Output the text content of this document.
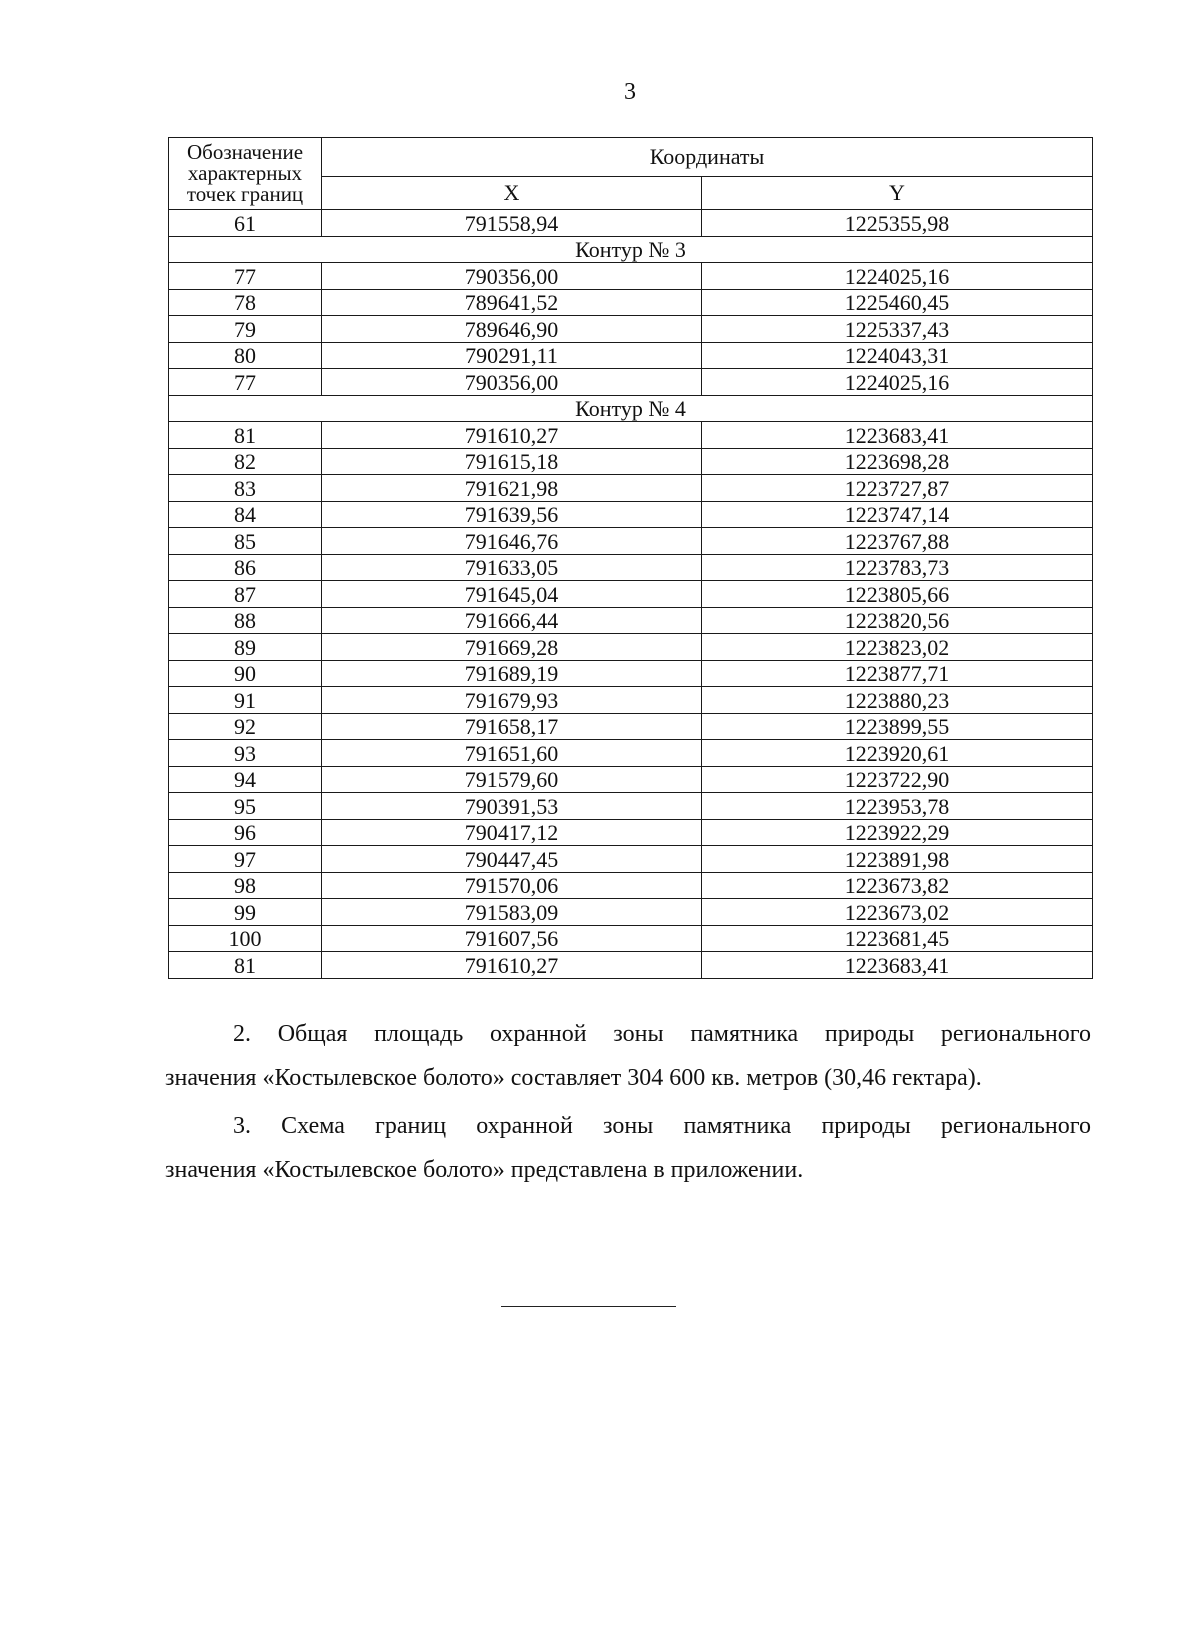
3
Обозначение характерных точек границ	Координаты	
	X	Y
61	791558,94	1225355,98
Контур № 3		
77	790356,00	1224025,16
78	789641,52	1225460,45
79	789646,90	1225337,43
80	790291,11	1224043,31
77	790356,00	1224025,16
Контур № 4		
81	791610,27	1223683,41
82	791615,18	1223698,28
83	791621,98	1223727,87
84	791639,56	1223747,14
85	791646,76	1223767,88
86	791633,05	1223783,73
87	791645,04	1223805,66
88	791666,44	1223820,56
89	791669,28	1223823,02
90	791689,19	1223877,71
91	791679,93	1223880,23
92	791658,17	1223899,55
93	791651,60	1223920,61
94	791579,60	1223722,90
95	790391,53	1223953,78
96	790417,12	1223922,29
97	790447,45	1223891,98
98	791570,06	1223673,82
99	791583,09	1223673,02
100	791607,56	1223681,45
81	791610,27	1223683,41
2. Общая площадь охранной зоны памятника природы регионального
значения «Костылевское болото» составляет 304 600 кв. метров (30,46 гектара).
3. Схема границ охранной зоны памятника природы регионального
значения «Костылевское болото» представлена в приложении.
